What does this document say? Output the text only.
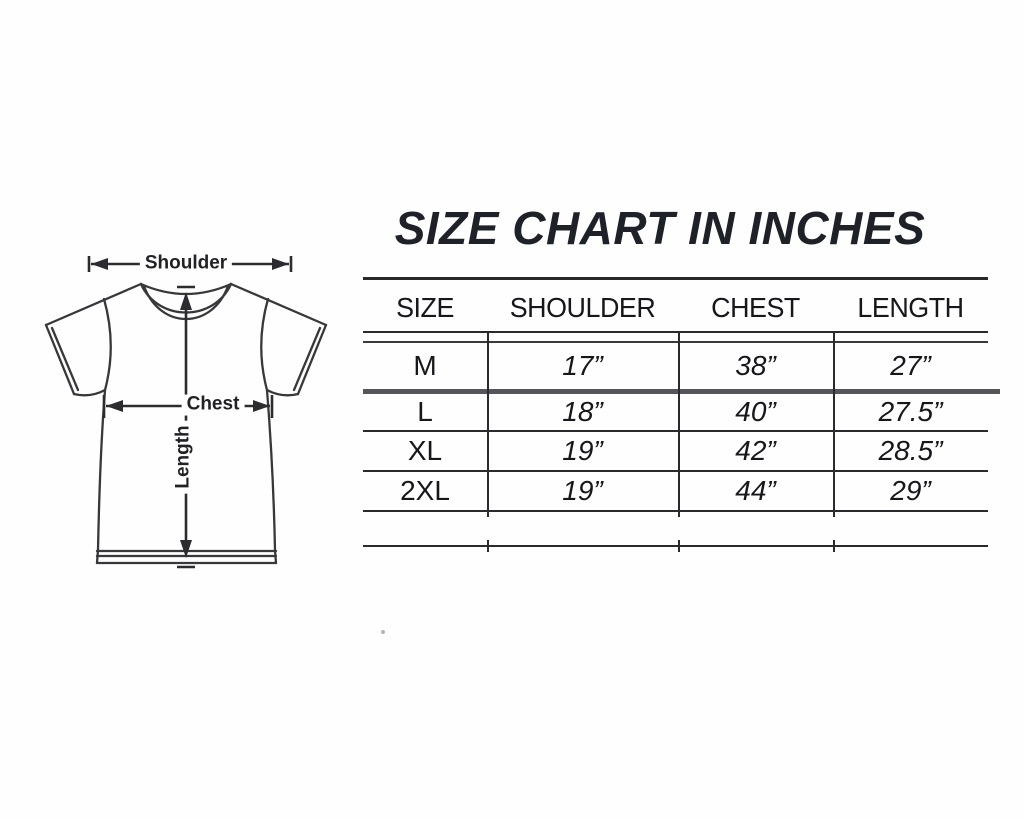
SIZE CHART IN INCHES
Shoulder
Chest
Length
SIZE	SHOULDER	CHEST	LENGTH
M	17”	38”	27”
L	18”	40”	27.5”
XL	19”	42”	28.5”
2XL	19”	44”	29”
